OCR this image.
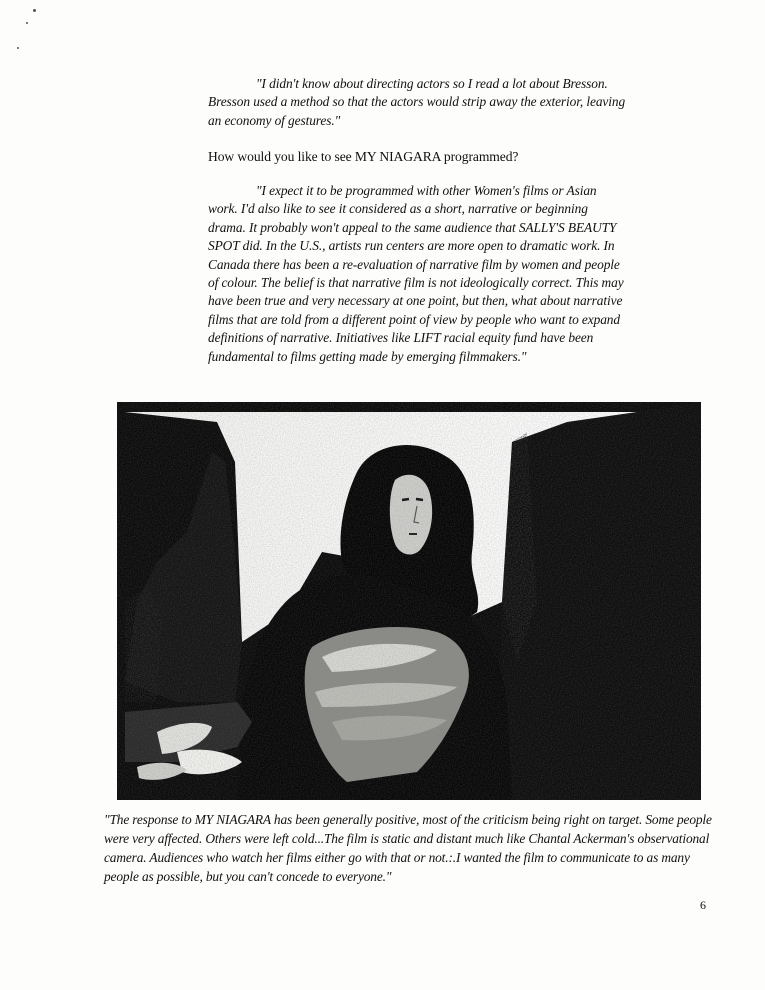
"I didn't know about directing actors so I read a lot about Bresson. Bresson used a method so that the actors would strip away the exterior, leaving an economy of gestures."

How would you like to see MY NIAGARA programmed?

"I expect it to be programmed with other Women's films or Asian work. I'd also like to see it considered as a short, narrative or beginning drama. It probably won't appeal to the same audience that SALLY'S BEAUTY SPOT did. In the U.S., artists run centers are more open to dramatic work. In Canada there has been a re-evaluation of narrative film by women and people of colour. The belief is that narrative film is not ideologically correct. This may have been true and very necessary at one point, but then, what about narrative films that are told from a different point of view by people who want to expand definitions of narrative. Initiatives like LIFT racial equity fund have been fundamental to films getting made by emerging filmmakers."

"The response to MY NIAGARA has been generally positive, most of the criticism being right on target. Some people were very affected. Others were left cold...The film is static and distant much like Chantal Ackerman's observational camera. Audiences who watch her films either go with that or not.:.I wanted the film to communicate to as many people as possible, but you can't concede to everyone."

6
